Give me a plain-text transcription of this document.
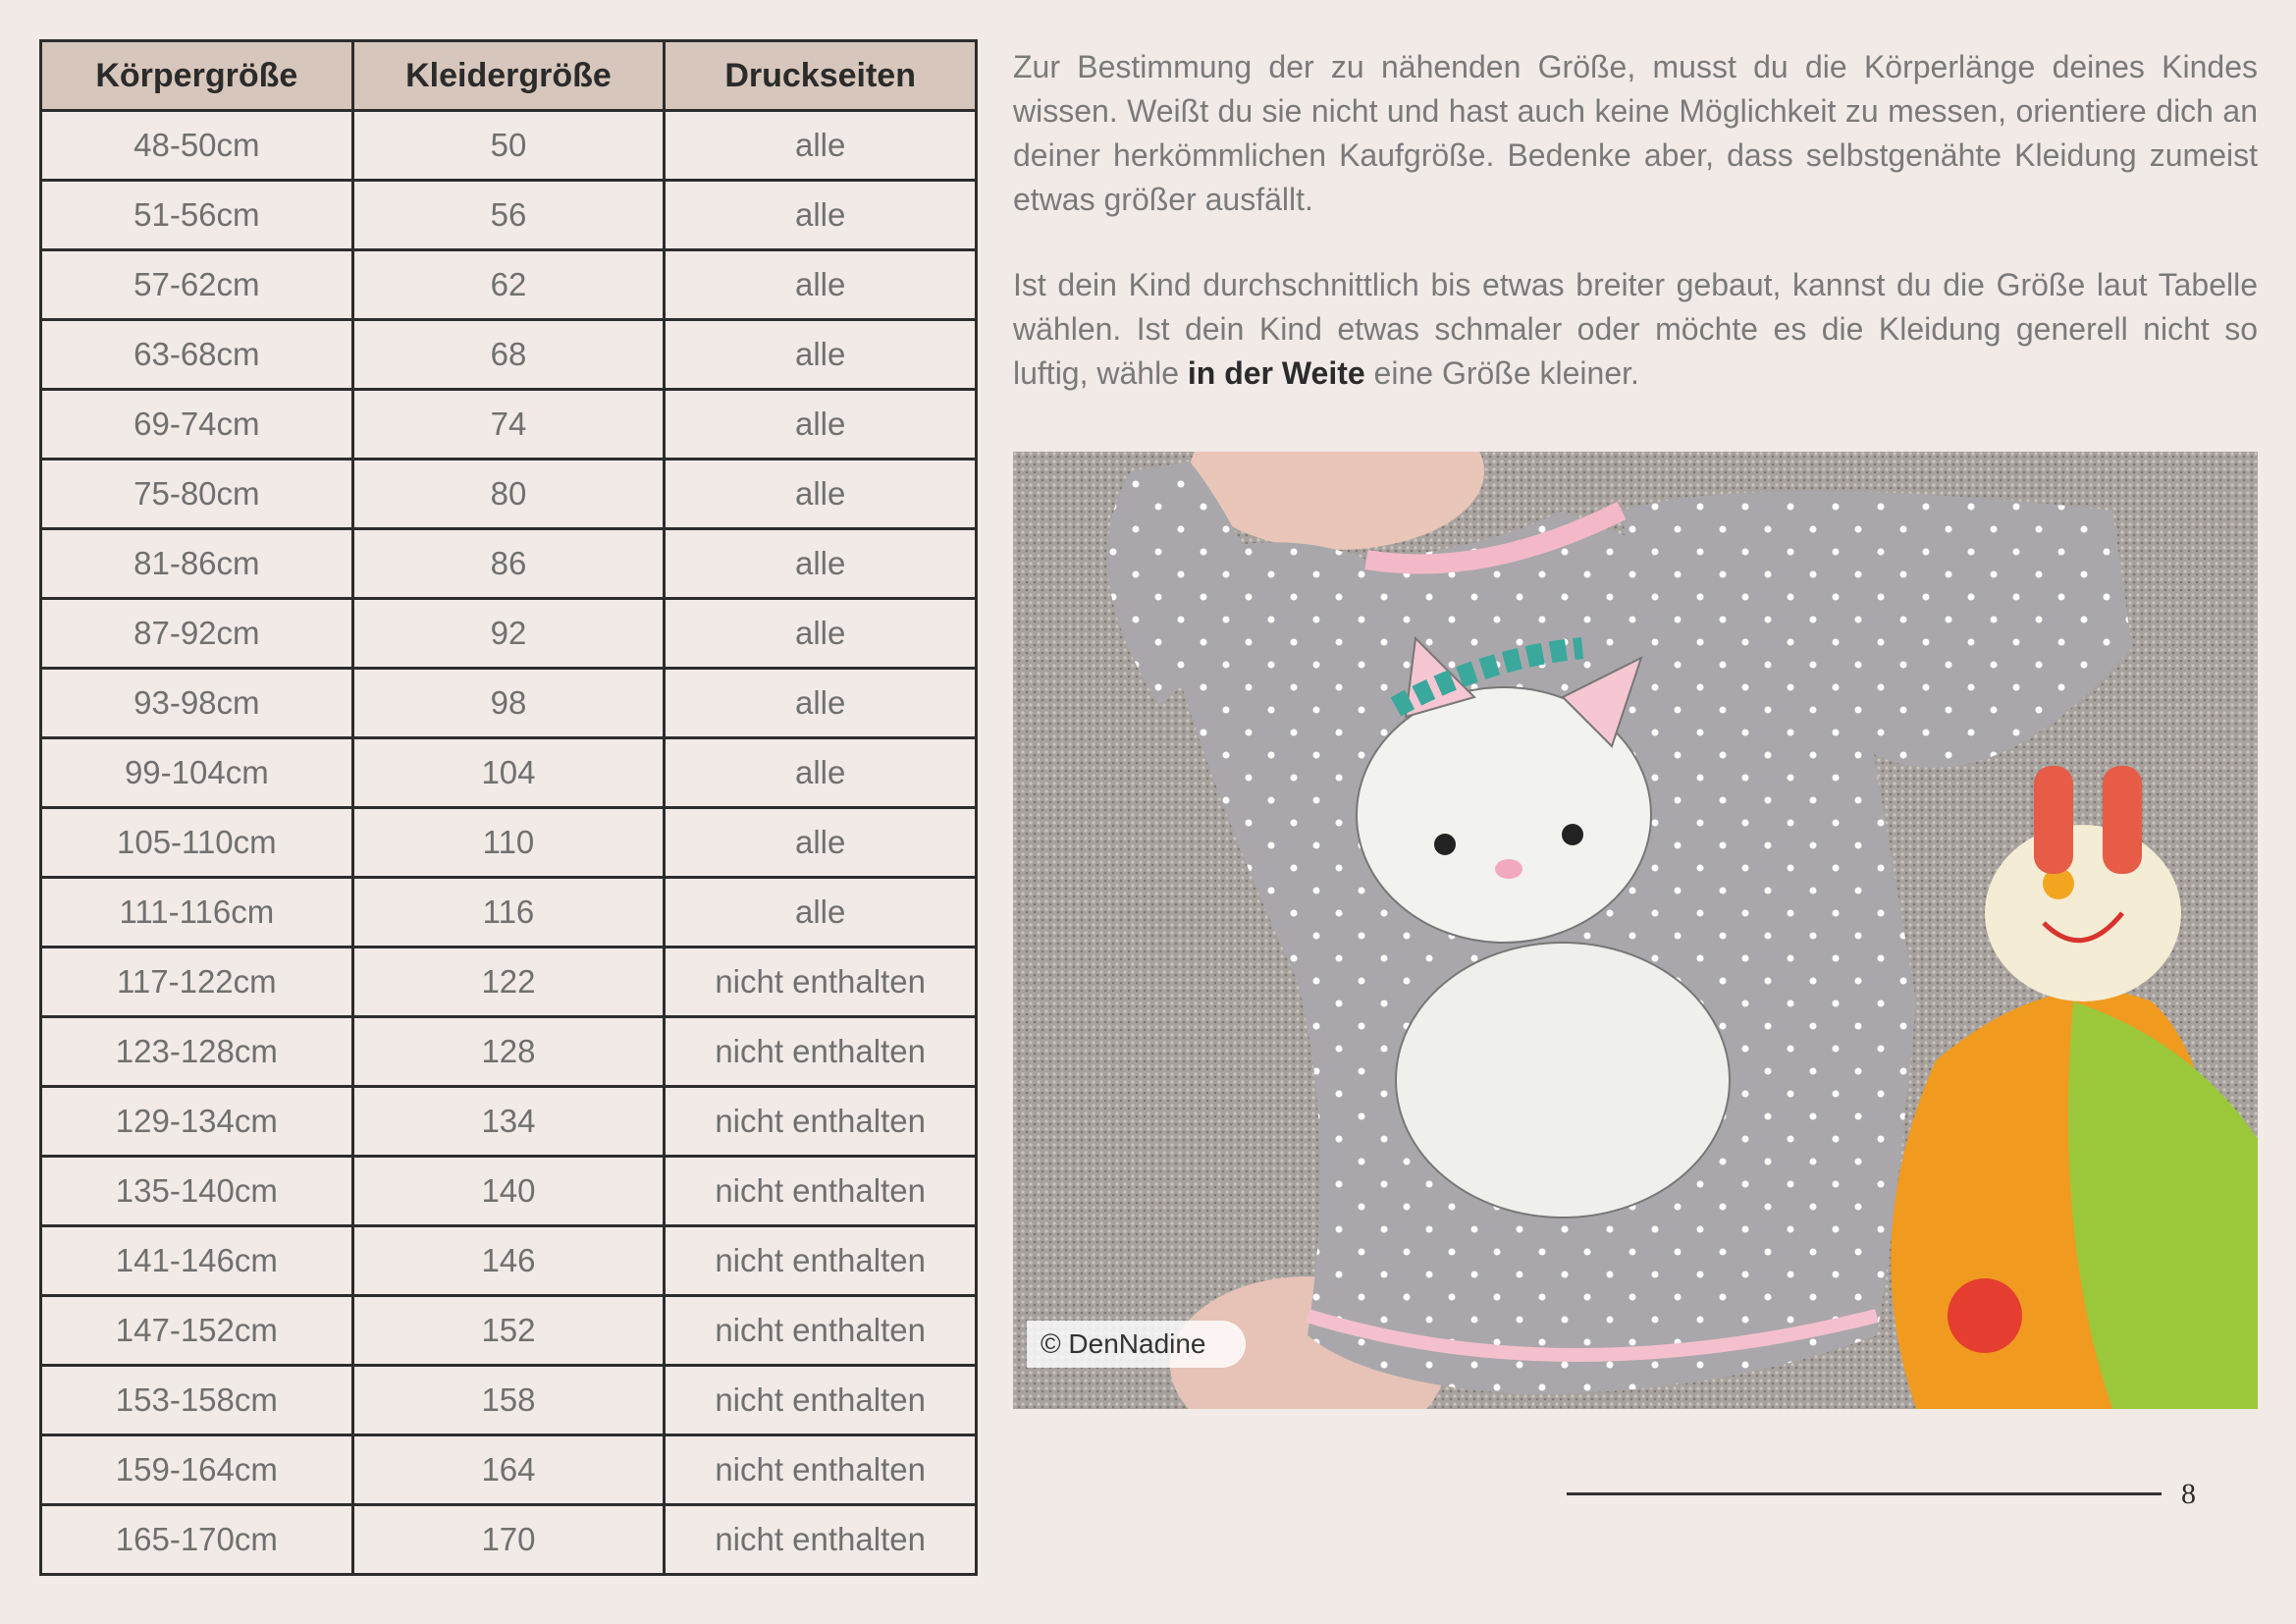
Körpergröße	Kleidergröße	Druckseiten
48-50cm	50	alle
51-56cm	56	alle
57-62cm	62	alle
63-68cm	68	alle
69-74cm	74	alle
75-80cm	80	alle
81-86cm	86	alle
87-92cm	92	alle
93-98cm	98	alle
99-104cm	104	alle
105-110cm	110	alle
111-116cm	116	alle
117-122cm	122	nicht enthalten
123-128cm	128	nicht enthalten
129-134cm	134	nicht enthalten
135-140cm	140	nicht enthalten
141-146cm	146	nicht enthalten
147-152cm	152	nicht enthalten
153-158cm	158	nicht enthalten
159-164cm	164	nicht enthalten
165-170cm	170	nicht enthalten

Zur Bestimmung der zu nähenden Größe, musst du die Körperlänge deines Kindes wissen. Weißt du sie nicht und hast auch keine Möglichkeit zu messen, orientiere dich an deiner herkömmlichen Kaufgröße. Bedenke aber, dass selbstgenähte Kleidung zumeist etwas größer ausfällt.

Ist dein Kind durchschnittlich bis etwas breiter gebaut, kannst du die Größe laut Tabelle wählen. Ist dein Kind etwas schmaler oder möchte es die Kleidung generell nicht so luftig, wähle in der Weite eine Größe kleiner.

© DenNadine
8
